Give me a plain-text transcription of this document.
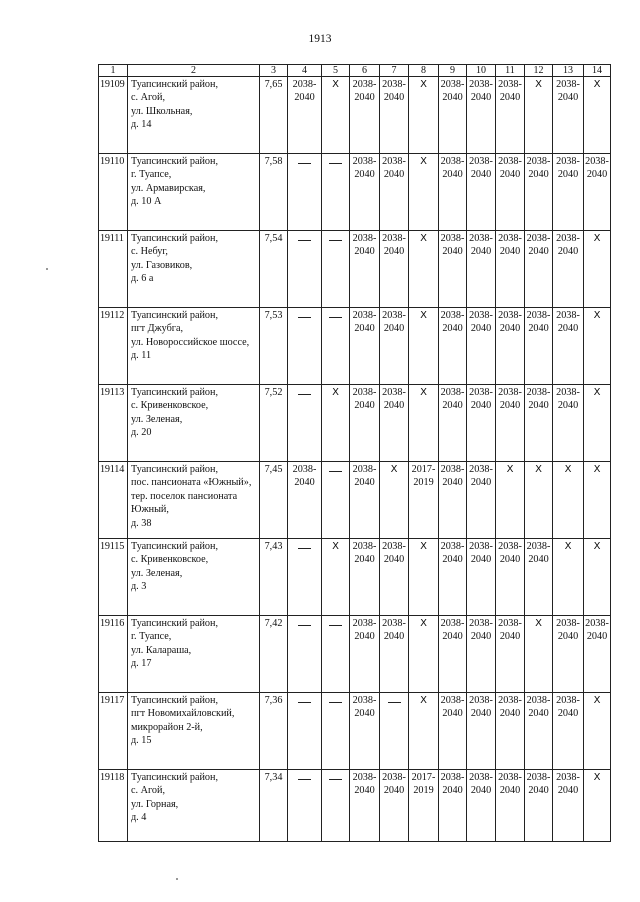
1913
1	2	3	4	5	6	7	8	9	10	11	12	13	14
19109	Туапсинский район,
с. Агой,
ул. Школьная,
д. 14	7,65	2038-
2040	Х	2038-
2040	2038-
2040	Х	2038-
2040	2038-
2040	2038-
2040	Х	2038-
2040	Х
19110	Туапсинский район,
г. Туапсе,
ул. Армавирская,
д. 10 А	7,58			2038-
2040	2038-
2040	Х	2038-
2040	2038-
2040	2038-
2040	2038-
2040	2038-
2040	2038-
2040

19111	Туапсинский район,
с. Небуг,
ул. Газовиков,
д. 6 а	7,54			2038-
2040	2038-
2040	Х	2038-
2040	2038-
2040	2038-
2040	2038-
2040	2038-
2040	Х
19112	Туапсинский район,
пгт Джубга,
ул. Новороссийское шоссе,
д. 11	7,53			2038-
2040	2038-
2040	Х	2038-
2040	2038-
2040	2038-
2040	2038-
2040	2038-
2040	Х
19113	Туапсинский район,
с. Кривенковское,
ул. Зеленая,
д. 20	7,52		Х	2038-
2040	2038-
2040	Х	2038-
2040	2038-
2040	2038-
2040	2038-
2040	2038-
2040	Х
19114	Туапсинский район,
пос. пансионата «Южный»,
тер. поселок пансионата
Южный,
д. 38	7,45	2038-
2040		2038-
2040	Х	2017-
2019	2038-
2040	2038-
2040	Х	Х	Х	Х
19115	Туапсинский район,
с. Кривенковское,
ул. Зеленая,
д. 3	7,43		Х	2038-
2040	2038-
2040	Х	2038-
2040	2038-
2040	2038-
2040	2038-
2040	Х	Х
19116	Туапсинский район,
г. Туапсе,
ул. Калараша,
д. 17	7,42			2038-
2040	2038-
2040	Х	2038-
2040	2038-
2040	2038-
2040	Х	2038-
2040	2038-
2040

19117	Туапсинский район,
пгт Новомихайловский,
микрорайон 2-й,
д. 15	7,36			2038-
2040		Х	2038-
2040	2038-
2040	2038-
2040	2038-
2040	2038-
2040	Х
19118	Туапсинский район,
с. Агой,
ул. Горная,
д. 4	7,34			2038-
2040	2038-
2040	2017-
2019	2038-
2040	2038-
2040	2038-
2040	2038-
2040	2038-
2040	Х
